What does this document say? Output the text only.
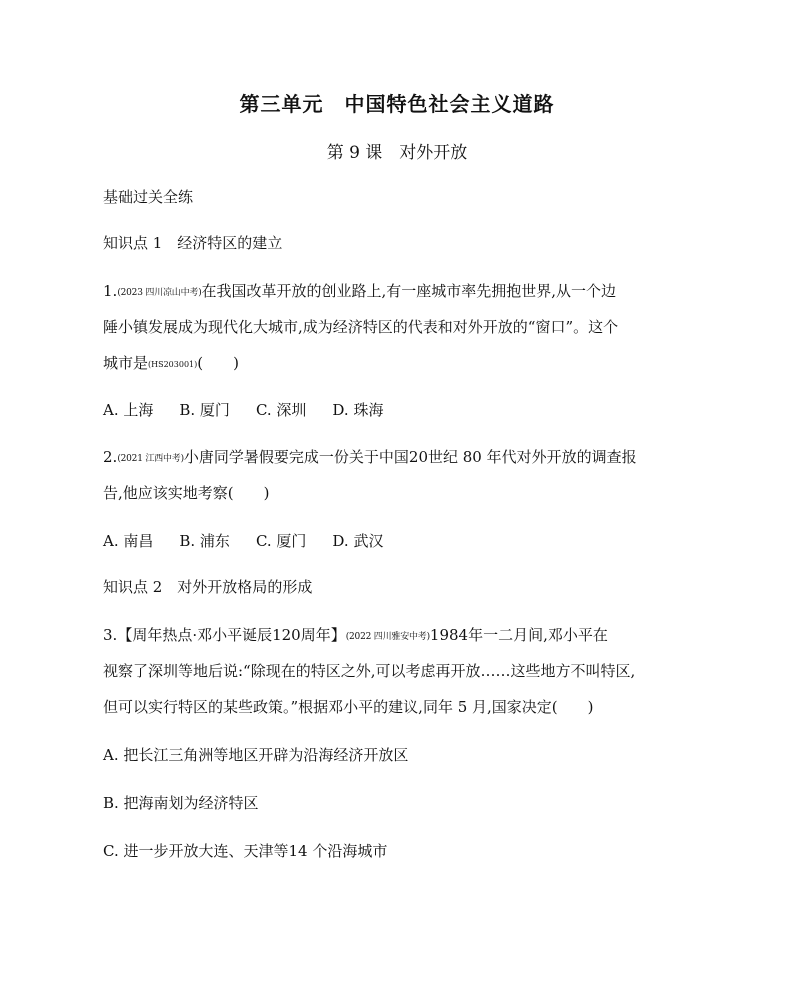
第三单元　中国特色社会主义道路
第 9 课　对外开放
基础过关全练
知识点 1　经济特区的建立
1.(2023 四川凉山中考)在我国改革开放的创业路上,有一座城市率先拥抱世界,从一个边
陲小镇发展成为现代化大城市,成为经济特区的代表和对外开放的“窗口”。这个
城市是(HS203001)(　　)
A. 上海 B. 厦门 C. 深圳 D. 珠海
2.(2021 江西中考)小唐同学暑假要完成一份关于中国20世纪 80 年代对外开放的调查报
告,他应该实地考察(　　)
A. 南昌 B. 浦东 C. 厦门 D. 武汉
知识点 2　对外开放格局的形成
3.【周年热点·邓小平诞辰120周年】(2022 四川雅安中考)1984年一二月间,邓小平在
视察了深圳等地后说:“除现在的特区之外,可以考虑再开放……这些地方不叫特区,
但可以实行特区的某些政策。”根据邓小平的建议,同年 5 月,国家决定(　　)
A. 把长江三角洲等地区开辟为沿海经济开放区
B. 把海南划为经济特区
C. 进一步开放大连、天津等14 个沿海城市
